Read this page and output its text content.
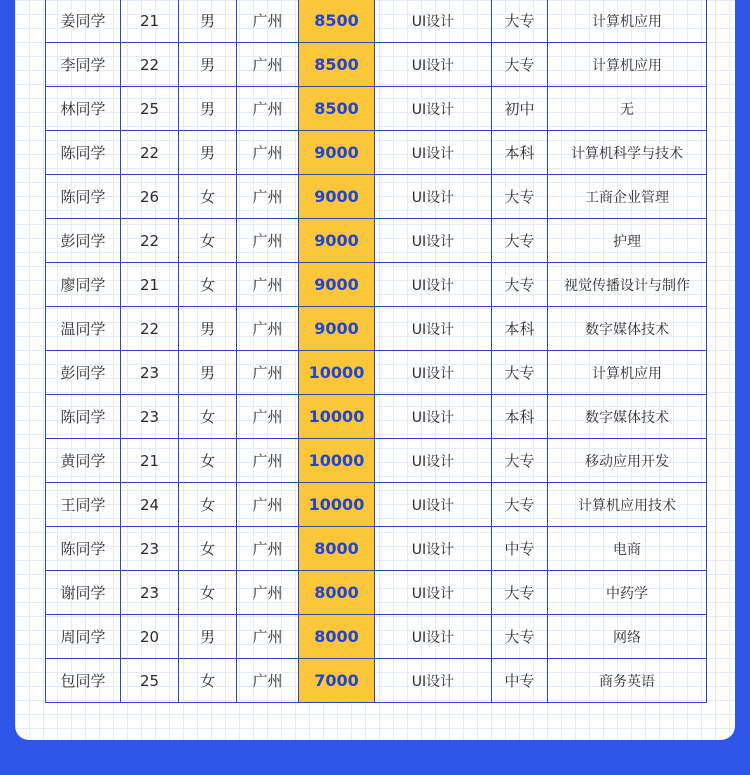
姜同学	21	男	广州	8500	UI设计	大专	计算机应用
李同学	22	男	广州	8500	UI设计	大专	计算机应用
林同学	25	男	广州	8500	UI设计	初中	无
陈同学	22	男	广州	9000	UI设计	本科	计算机科学与技术
陈同学	26	女	广州	9000	UI设计	大专	工商企业管理
彭同学	22	女	广州	9000	UI设计	大专	护理
廖同学	21	女	广州	9000	UI设计	大专	视觉传播设计与制作
温同学	22	男	广州	9000	UI设计	本科	数字媒体技术
彭同学	23	男	广州	10000	UI设计	大专	计算机应用
陈同学	23	女	广州	10000	UI设计	本科	数字媒体技术
黄同学	21	女	广州	10000	UI设计	大专	移动应用开发
王同学	24	女	广州	10000	UI设计	大专	计算机应用技术
陈同学	23	女	广州	8000	UI设计	中专	电商
谢同学	23	女	广州	8000	UI设计	大专	中药学
周同学	20	男	广州	8000	UI设计	大专	网络
包同学	25	女	广州	7000	UI设计	中专	商务英语
